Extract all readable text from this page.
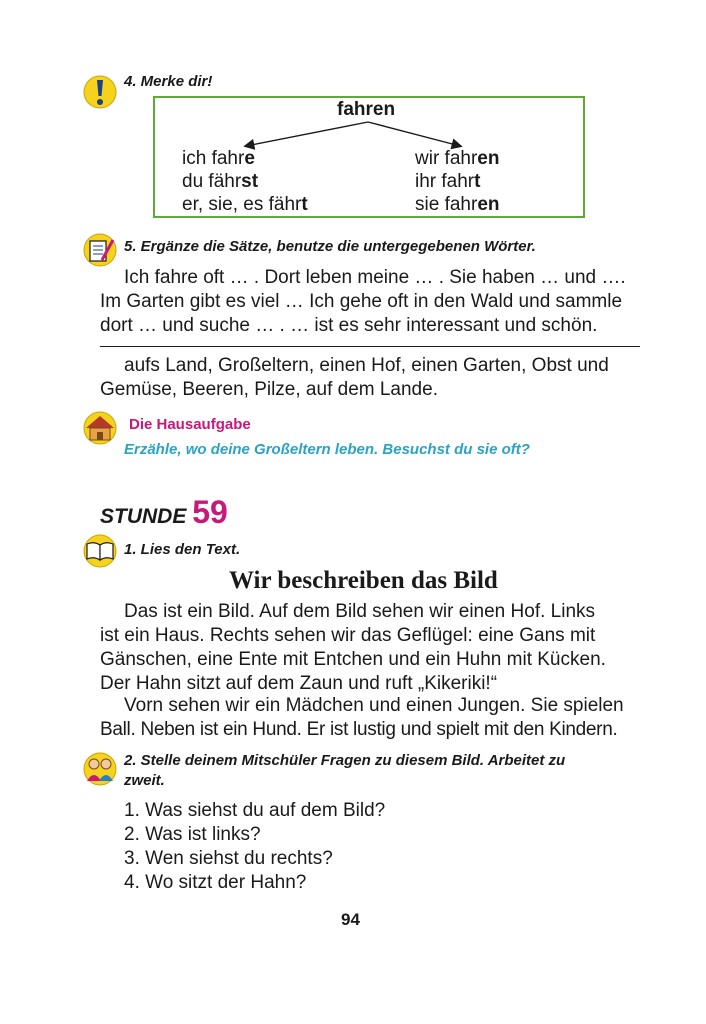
4. Merke dir!
fahren
ich fahre
du fährst
er, sie, es fährt
wir fahren
ihr fahrt
sie fahren
5. Ergänze die Sätze, benutze die untergegebenen Wörter.
Ich fahre oft … . Dort leben meine … . Sie haben … und ….
Im Garten gibt es viel … Ich gehe oft in den Wald und sammle
dort … und suche … . … ist es sehr interessant und schön.
aufs Land, Großeltern, einen Hof, einen Garten, Obst und
Gemüse, Beeren, Pilze, auf dem Lande.
Die Hausaufgabe
Erzähle, wo deine Großeltern leben. Besuchst du sie oft?
STUNDE 59
1. Lies den Text.
Wir beschreiben das Bild
Das ist ein Bild. Auf dem Bild sehen wir einen Hof. Links
ist ein Haus. Rechts sehen wir das Geflügel: eine Gans mit
Gänschen, eine Ente mit Entchen und ein Huhn mit Kücken.
Der Hahn sitzt auf dem Zaun und ruft „Kikeriki!“
Vorn sehen wir ein Mädchen und einen Jungen. Sie spielen
Ball. Neben ist ein Hund. Er ist lustig und spielt mit den Kindern.
2. Stelle deinem Mitschüler Fragen zu diesem Bild. Arbeitet zu
zweit.
1. Was siehst du auf dem Bild?
2. Was ist links?
3. Wen siehst du rechts?
4. Wo sitzt der Hahn?
94
